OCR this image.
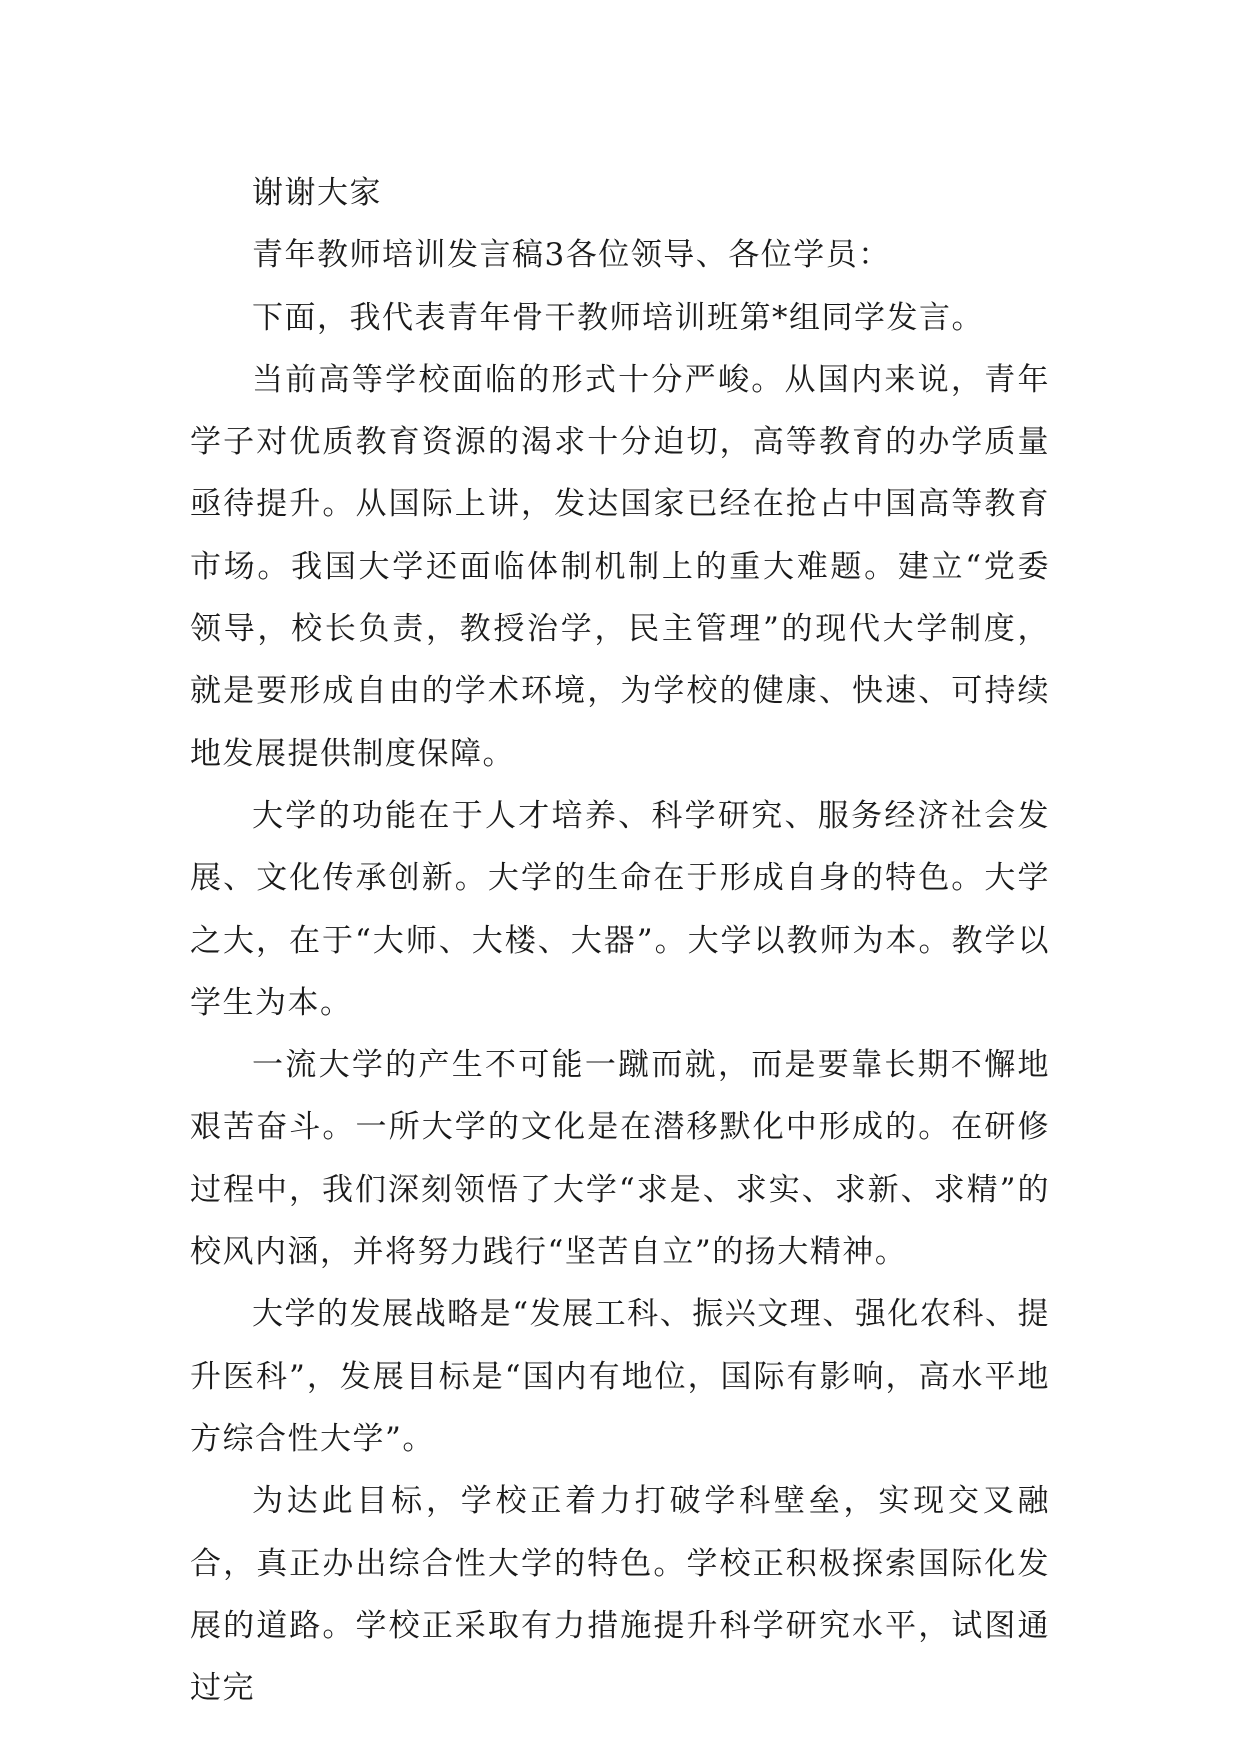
谢谢大家

青年教师培训发言稿3各位领导、各位学员：

下面，我代表青年骨干教师培训班第*组同学发言。

当前高等学校面临的形式十分严峻。从国内来说，青年学子对优质教育资源的渴求十分迫切，高等教育的办学质量亟待提升。从国际上讲，发达国家已经在抢占中国高等教育市场。我国大学还面临体制机制上的重大难题。建立“党委领导，校长负责，教授治学，民主管理”的现代大学制度，就是要形成自由的学术环境，为学校的健康、快速、可持续地发展提供制度保障。

大学的功能在于人才培养、科学研究、服务经济社会发展、文化传承创新。大学的生命在于形成自身的特色。大学之大，在于“大师、大楼、大器”。大学以教师为本。教学以学生为本。

一流大学的产生不可能一蹴而就，而是要靠长期不懈地艰苦奋斗。一所大学的文化是在潜移默化中形成的。在研修过程中，我们深刻领悟了大学“求是、求实、求新、求精”的校风内涵，并将努力践行“坚苦自立”的扬大精神。

大学的发展战略是“发展工科、振兴文理、强化农科、提升医科”，发展目标是“国内有地位，国际有影响，高水平地方综合性大学”。

为达此目标，学校正着力打破学科壁垒，实现交叉融合，真正办出综合性大学的特色。学校正积极探索国际化发展的道路。学校正采取有力措施提升科学研究水平，试图通过完
